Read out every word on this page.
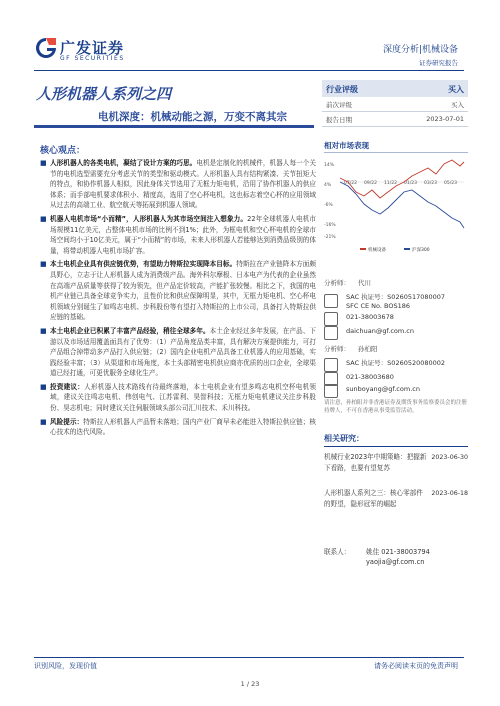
广发证券
GF SECURITIES
深度分析|机械设备
证券研究报告
人形机器人系列之四
电机深度：机械动能之源，万变不离其宗
行业评级	买入
前次评级	买入
报告日期	2023-07-01
核心观点：
■ 人形机器人的各类电机，凝结了设计方案的巧思。电机是定制化的机械件，机器人每一个关节的电机选型需要充分考虑关节的类型和驱动模式。人形机器人具有结构紧凑、关节扭矩大的特点，和协作机器人相似，因此身体关节选用了无框力矩电机，沿用了协作机器人的供应体系；而手部电机要求体积小、精度高，选用了空心杯电机，这也标志着空心杯的应用领域从过去的高端工业、航空航天等拓展到机器人领域。
■ 机器人电机市场“小而精”，人形机器人为其市场空间注入想象力。22年全球机器人电机市场规模11亿美元，占整体电机市场的比例不到1%；此外，为框电机和空心杯电机的全球市场空间均小于10亿美元，属于“小而精”的市场，未来人形机器人若能够达到消费品级别的体量，将带动机器人电机市场扩容。
■ 本土电机企业具有供应链优势，有望助力特斯拉实现降本目标。特斯拉在产业链降本方面颇具野心，立志于让人形机器人成为消费级产品。海外科尔摩根、日本电产为代表的企业虽然在高端产品质量等获得了较为领先，但产品定价较高，产能扩张较慢。相比之下，我国的电机产业链已具备全球竞争实力，且性价比和供应保障明显，其中，无框力矩电机、空心杯电机领域分别诞生了如鸣志电机、步科股份等有望打入特斯拉的上市公司，具备打入特斯拉供应链的基础。
■ 本土电机企业已积累了丰富产品经验，稍往全球多年。本土企业经过多年发展，在产品、下游以及市场适用覆盖面具有了优势：（1）产品角度品类丰富，具有解决方案提供能力，可打产品组合掉带动多产品打入供应链；（2）国内企业电机产品具备工业机器人的应用基础，实践经验丰富；（3）从渠道和市场角度，本土头部精密电机供应商亦优质的出口企业，全球渠道已经打通，可更优服务全球化生产。
■ 投资建议：人形机器人技术路线有待最终落地，本土电机企业有望多鸣志电机空杯电机领域，建议关注鸣志电机、伟创电气、江苏雷利、昊智科技；无框力矩电机建议关注步科股份、昊志机电；同时建议关注伺服领域头部公司汇川技术、禾川科技。
■ 风险提示：特斯拉人形机器人产品暂未落地；国内产业厂商早未必能进入特斯拉供应链；核心技术的迭代风险。
相对市场表现
14%
4%
-6%
-16%
-21%
07/22 09/22 11/22 01/23 03/23 05/23
机械设备	沪深300
分析师： 代川
SAC 执证号：S0260517080007
SFC CE No. BOS186
021-38003678
daichuan@gf.com.cn
分析师： 孙柏阳
SAC 执证号：S0260520080002
021-38003680
sunboyang@gf.com.cn
请注意，孙柏阳并非香港证券及期货事务监察委员会的注册持牌人，不可在香港从事受监管活动。
相关研究：
机械行业2023年中期策略：把握新下看路，也要有望复苏
2023-06-30
人形机器人系列之三：核心零部件的野望，隐形冠军的崛起
2023-06-18
联系人： 姚佳 021-38003794
yaojia@gf.com.cn
识别风险，发现价值	请务必阅读末页的免责声明
1 / 23
